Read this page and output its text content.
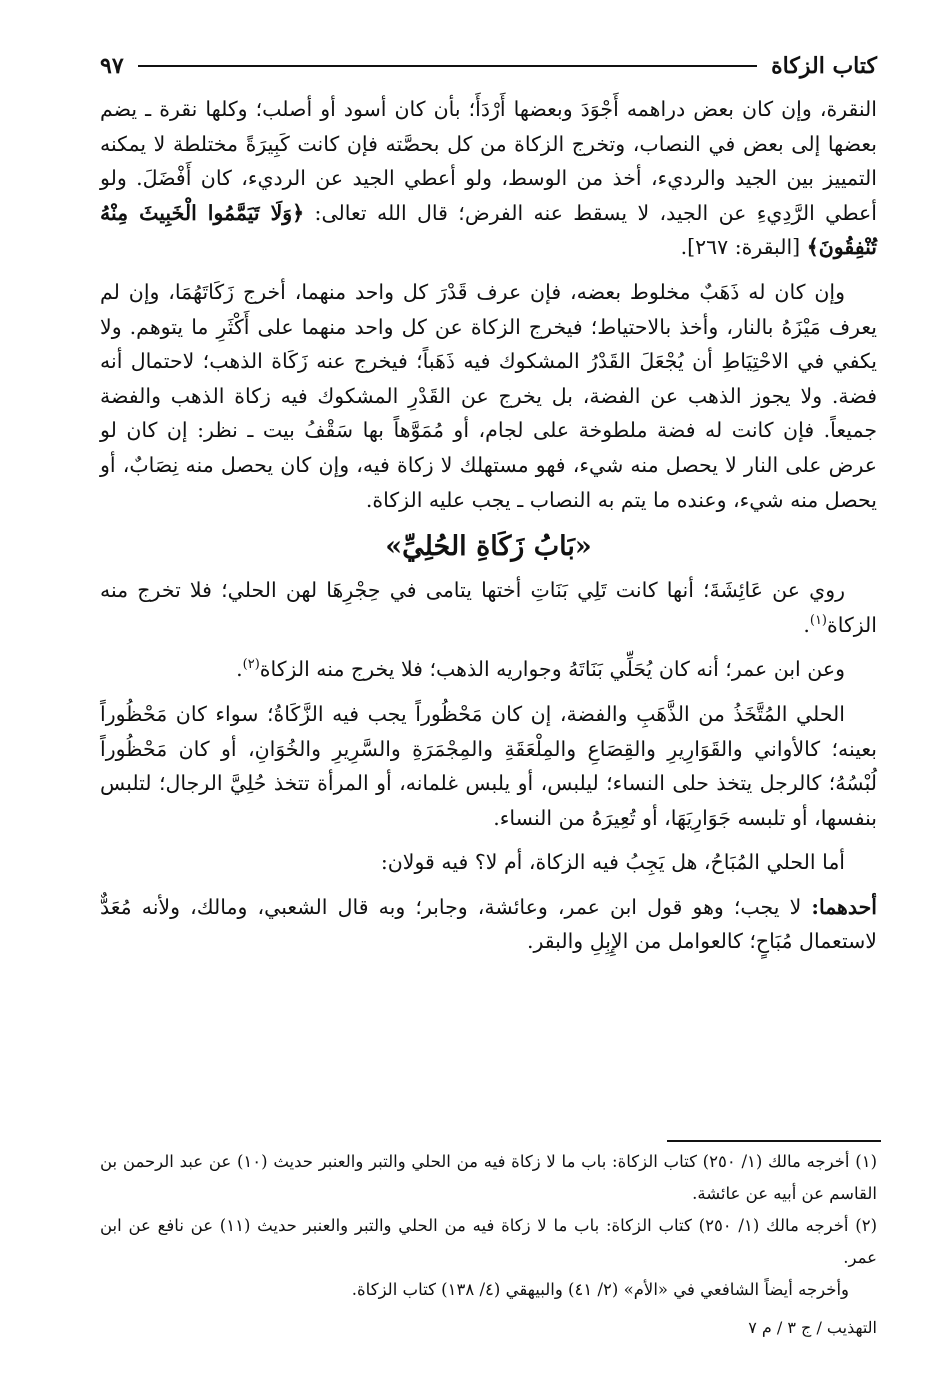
كتاب الزكاة
٩٧

النقرة، وإن كان بعض دراهمه أَجْوَدَ وبعضها أَرْدَأَ؛ بأن كان أسود أو أصلب؛ وكلها نقرة ـ يضم بعضها إلى بعض في النصاب، وتخرج الزكاة من كل بحصَّته فإن كانت كَبِيرَةً مختلطة لا يمكنه التمييز بين الجيد والرديء، أخذ من الوسط، ولو أعطي الجيد عن الرديء، كان أَفْضَلَ. ولو أعطي الرَّدِيءِ عن الجيد، لا يسقط عنه الفرض؛ قال الله تعالى: ﴿وَلَا تَيَمَّمُوا الْخَبِيثَ مِنْهُ تُنْفِقُونَ﴾ [البقرة: ٢٦٧].

وإن كان له ذَهَبٌ مخلوط بعضه، فإن عرف قَدْرَ كل واحد منهما، أخرج زَكَاتَهُمَا، وإن لم يعرف مَيْزَهُ بالنار، وأخذ بالاحتياط؛ فيخرج الزكاة عن كل واحد منهما على أَكْثَرِ ما يتوهم. ولا يكفي في الاحْتِيَاطِ أن يُجْعَلَ القَدْرُ المشكوك فيه ذَهَباً؛ فيخرج عنه زَكَاة الذهب؛ لاحتمال أنه فضة. ولا يجوز الذهب عن الفضة، بل يخرج عن القَدْرِ المشكوك فيه زكاة الذهب والفضة جميعاً. فإن كانت له فضة ملطوخة على لجام، أو مُمَوَّهاً بها سَقْفُ بيت ـ نظر: إن كان لو عرض على النار لا يحصل منه شيء، فهو مستهلك لا زكاة فيه، وإن كان يحصل منه نِصَابٌ، أو يحصل منه شيء، وعنده ما يتم به النصاب ـ يجب عليه الزكاة.

«بَابُ زَكَاةِ الحُلِيِّ»

روي عن عَائِشَةَ؛ أنها كانت تَلِي بَنَاتِ أختها يتامى في حِجْرِهَا لهن الحلي؛ فلا تخرج منه الزكاة$^{(١)}$.

وعن ابن عمر؛ أنه كان يُحَلِّي بَنَاتَهُ وجواريه الذهب؛ فلا يخرج منه الزكاة$^{(٢)}$.

الحلي المُتَّخَذُ من الذَّهَبِ والفضة، إن كان مَحْظُوراً يجب فيه الزَّكَاةُ؛ سواء كان مَحْظُوراً بعينه؛ كالأواني والقَوَارِيرِ والقِصَاعِ والمِلْعَقَةِ والمِجْمَرَةِ والسَّرِيرِ والخُوَانِ، أو كان مَحْظُوراً لُبْسُهُ؛ كالرجل يتخذ حلى النساء؛ ليلبس، أو يلبس غلمانه، أو المرأة تتخذ حُلِيَّ الرجال؛ لتلبس بنفسها، أو تلبسه جَوَارِيَهَا، أو تُعِيرَهُ من النساء.

أما الحلي المُبَاحُ، هل يَجِبُ فيه الزكاة، أم لا؟ فيه قولان:

أحدهما: لا يجب؛ وهو قول ابن عمر، وعائشة، وجابر؛ وبه قال الشعبي، ومالك، ولأنه مُعَدٌّ لاستعمال مُبَاحٍ؛ كالعوامل من الإِبِلِ والبقر.

(١) أخرجه مالك (١/ ٢٥٠) كتاب الزكاة: باب ما لا زكاة فيه من الحلي والتبر والعنبر حديث (١٠) عن عبد الرحمن بن القاسم عن أبيه عن عائشة.

(٢) أخرجه مالك (١/ ٢٥٠) كتاب الزكاة: باب ما لا زكاة فيه من الحلي والتبر والعنبر حديث (١١) عن نافع عن ابن عمر.

وأخرجه أيضاً الشافعي في «الأم» (٢/ ٤١) والبيهقي (٤/ ١٣٨) كتاب الزكاة.

التهذيب / ج ٣ / م ٧
